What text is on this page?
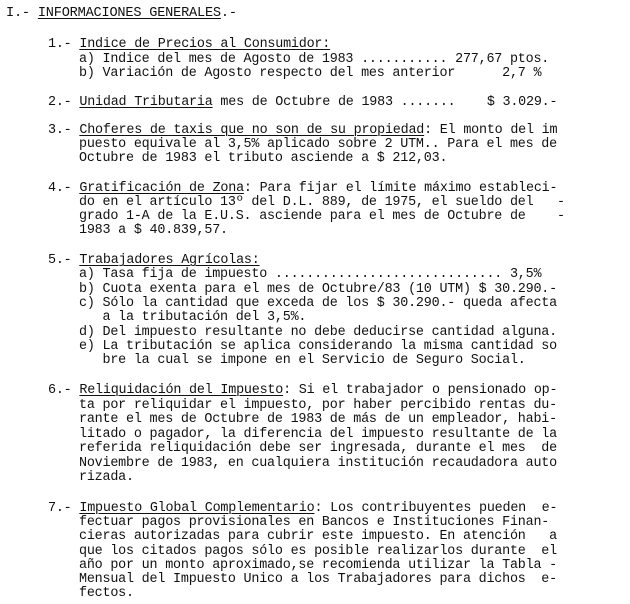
I.- INFORMACIONES GENERALES.-
1.- Indice de Precios al Consumidor:
a) Indice del mes de Agosto de 1983 ........... 277,67 ptos.
b) Variación de Agosto respecto del mes anterior      2,7 %
2.- Unidad Tributaria mes de Octubre de 1983 .......    $ 3.029.-
3.- Choferes de taxis que no son de su propiedad: El monto del im
puesto equivale al 3,5% aplicado sobre 2 UTM.. Para el mes de
Octubre de 1983 el tributo asciende a $ 212,03.
4.- Gratificación de Zona: Para fijar el límite máximo estableci-
do en el artículo 13º del D.L. 889, de 1975, el sueldo del   -
grado 1-A de la E.U.S. asciende para el mes de Octubre de    -
1983 a $ 40.839,57.
5.- Trabajadores Agrícolas:
a) Tasa fija de impuesto ............................. 3,5%
b) Cuota exenta para el mes de Octubre/83 (10 UTM) $ 30.290.-
c) Sólo la cantidad que exceda de los $ 30.290.- queda afecta
a la tributación del 3,5%.
d) Del impuesto resultante no debe deducirse cantidad alguna.
e) La tributación se aplica considerando la misma cantidad so
bre la cual se impone en el Servicio de Seguro Social.
6.- Reliquidación del Impuesto: Si el trabajador o pensionado op-
ta por reliquidar el impuesto, por haber percibido rentas du-
rante el mes de Octubre de 1983 de más de un empleador, habi-
litado o pagador, la diferencia del impuesto resultante de la
referida reliquidación debe ser ingresada, durante el mes  de
Noviembre de 1983, en cualquiera institución recaudadora auto
rizada.
7.- Impuesto Global Complementario: Los contribuyentes pueden  e-
fectuar pagos provisionales en Bancos e Instituciones Finan-
cieras autorizadas para cubrir este impuesto. En atención   a
que los citados pagos sólo es posible realizarlos durante  el
año por un monto aproximado,se recomienda utilizar la Tabla -
Mensual del Impuesto Unico a los Trabajadores para dichos  e-
fectos.
